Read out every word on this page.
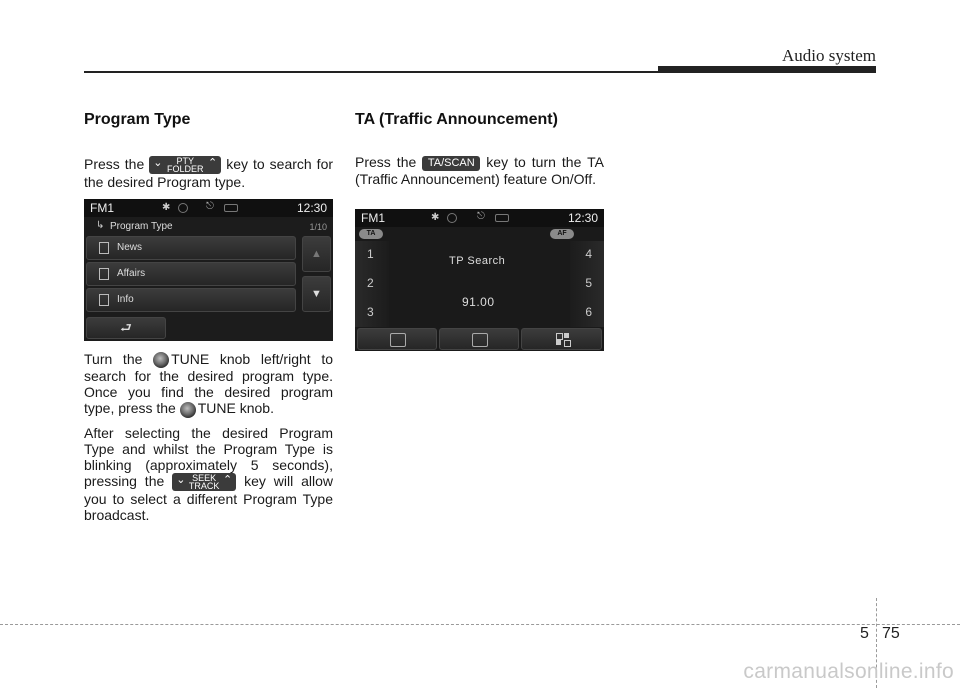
Audio system
Program Type
Press the ⌄	PTY
FOLDER ⌃ key to search for the desired Program type.
FM1	✱	⎋	12:30
↳ Program Type	1/10
News
Affairs
Info
▲
▼
⮐

Turn the TUNE knob left/right to search for the desired program type. Once you find the desired program type, press the TUNE knob.

After selecting the desired Program Type and whilst the Program Type is blinking (approximately 5 seconds), pressing the ⌄ SEEK
TRACK ⌃ key will allow you to select a different Program Type broadcast.

TA (Traffic Announcement)
Press the TA/SCAN key to turn the TA (Traffic Announcement) feature On/Off.
FM1	✱	⎋	12:30
TA	AF
1
2
3
4
5
6
TP Search
91.00
5 75
carmanualsonline.info
